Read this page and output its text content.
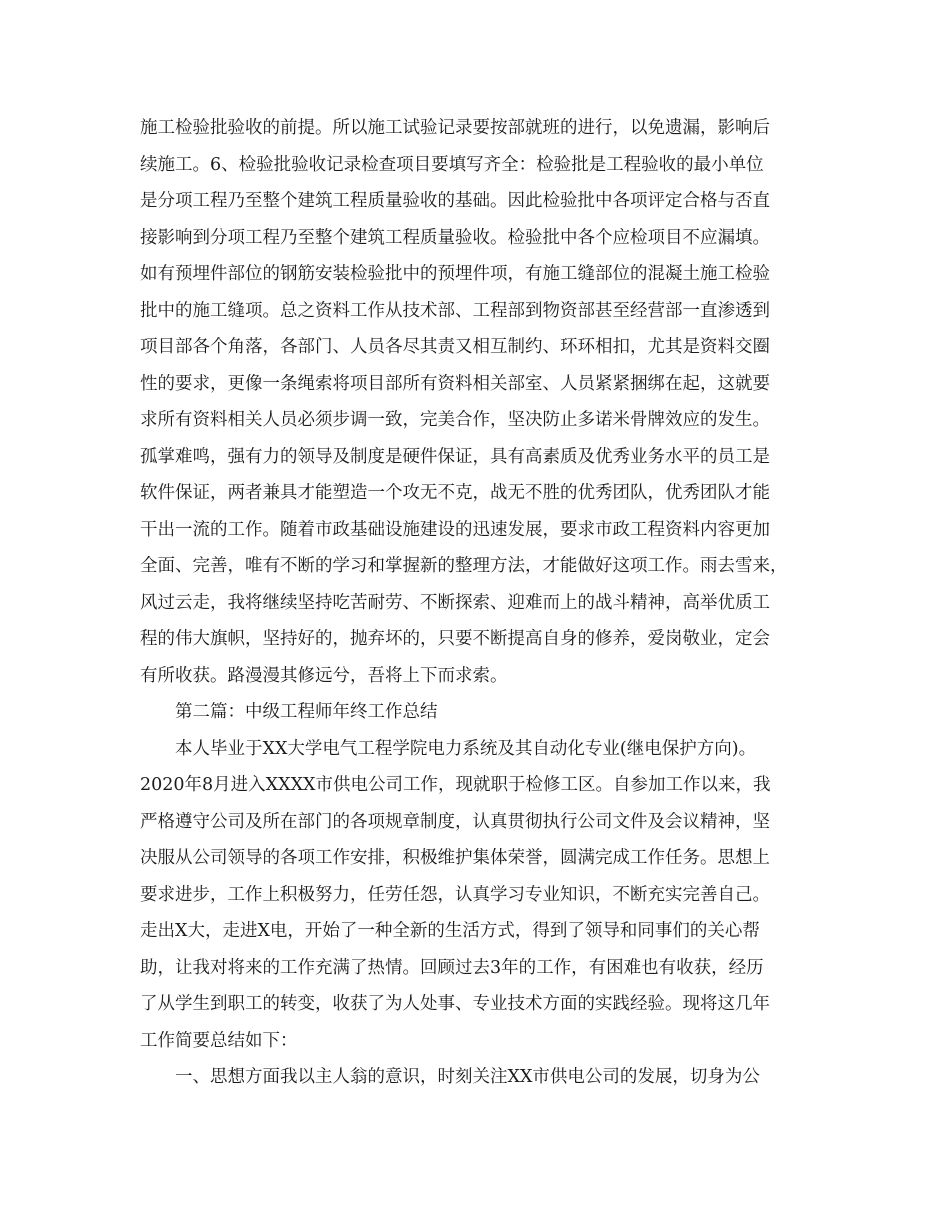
施工检验批验收的前提。所以施工试验记录要按部就班的进行，以免遗漏，影响后
续施工。6、检验批验收记录检查项目要填写齐全：检验批是工程验收的最小单位
是分项工程乃至整个建筑工程质量验收的基础。因此检验批中各项评定合格与否直
接影响到分项工程乃至整个建筑工程质量验收。检验批中各个应检项目不应漏填。
如有预埋件部位的钢筋安装检验批中的预埋件项，有施工缝部位的混凝土施工检验
批中的施工缝项。总之资料工作从技术部、工程部到物资部甚至经营部一直渗透到
项目部各个角落，各部门、人员各尽其责又相互制约、环环相扣，尤其是资料交圈
性的要求，更像一条绳索将项目部所有资料相关部室、人员紧紧捆绑在起，这就要
求所有资料相关人员必须步调一致，完美合作，坚决防止多诺米骨牌效应的发生。
孤掌难鸣，强有力的领导及制度是硬件保证，具有高素质及优秀业务水平的员工是
软件保证，两者兼具才能塑造一个攻无不克，战无不胜的优秀团队，优秀团队才能
干出一流的工作。随着市政基础设施建设的迅速发展，要求市政工程资料内容更加
全面、完善，唯有不断的学习和掌握新的整理方法，才能做好这项工作。雨去雪来，
风过云走，我将继续坚持吃苦耐劳、不断探索、迎难而上的战斗精神，高举优质工
程的伟大旗帜，坚持好的，抛弃坏的，只要不断提高自身的修养，爱岗敬业，定会
有所收获。路漫漫其修远兮，吾将上下而求索。
第二篇：中级工程师年终工作总结
本人毕业于XX大学电气工程学院电力系统及其自动化专业(继电保护方向)。
2020年8月进入XXXX市供电公司工作，现就职于检修工区。自参加工作以来，我
严格遵守公司及所在部门的各项规章制度，认真贯彻执行公司文件及会议精神，坚
决服从公司领导的各项工作安排，积极维护集体荣誉，圆满完成工作任务。思想上
要求进步，工作上积极努力，任劳任怨，认真学习专业知识，不断充实完善自己。
走出X大，走进X电，开始了一种全新的生活方式，得到了领导和同事们的关心帮
助，让我对将来的工作充满了热情。回顾过去3年的工作，有困难也有收获，经历
了从学生到职工的转变，收获了为人处事、专业技术方面的实践经验。现将这几年
工作简要总结如下：
一、思想方面我以主人翁的意识，时刻关注XX市供电公司的发展，切身为公
